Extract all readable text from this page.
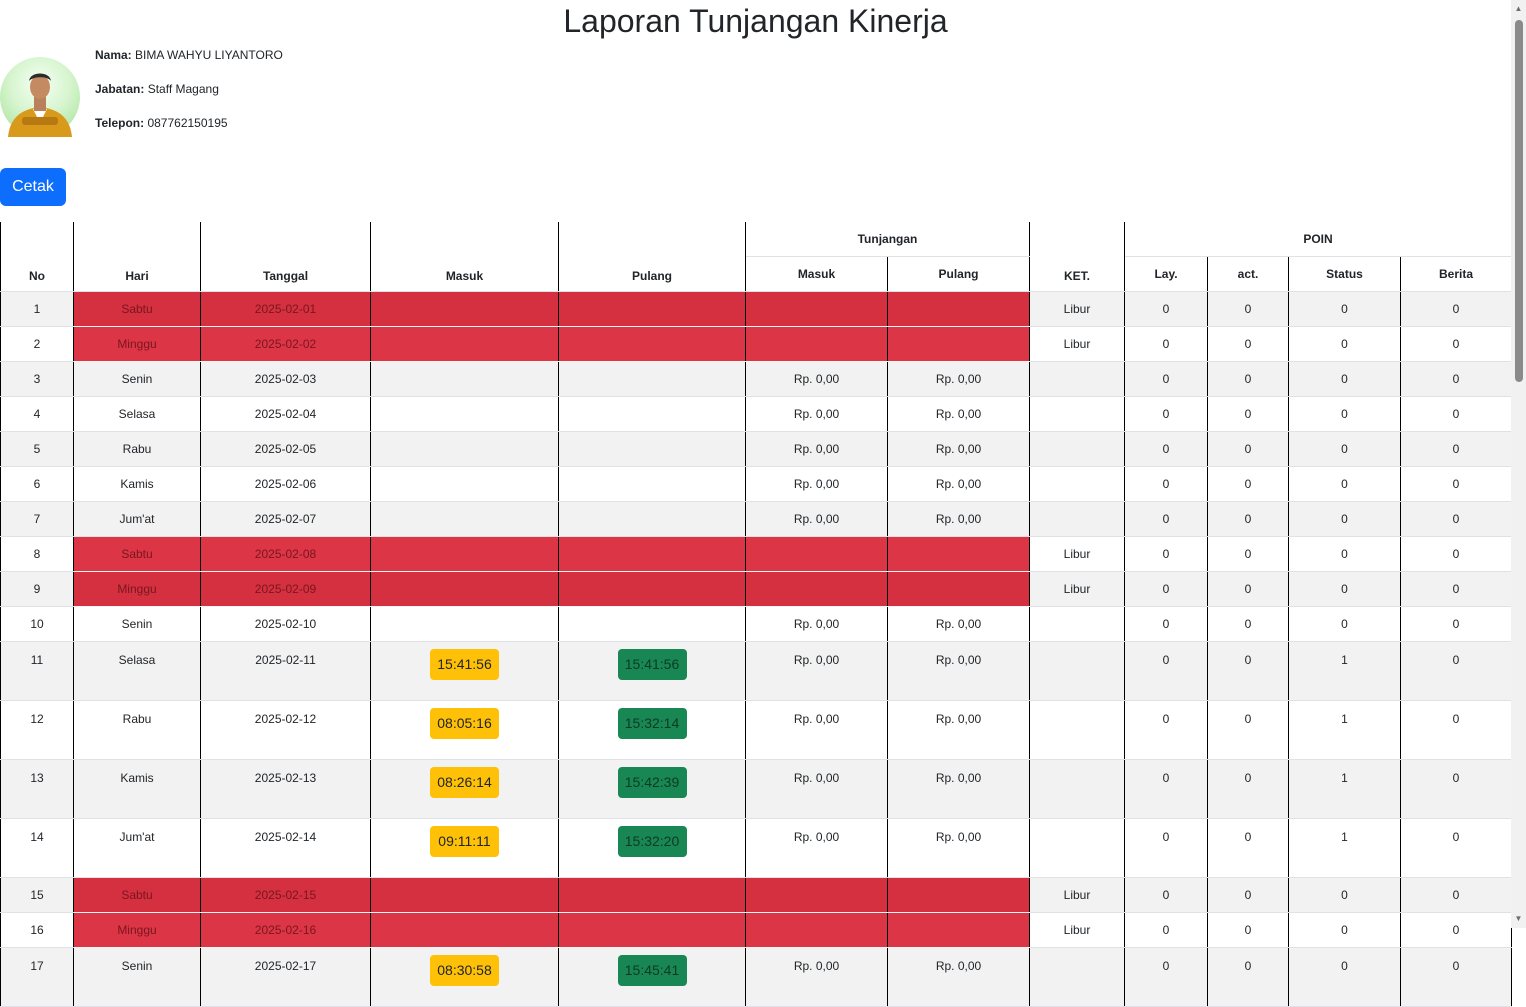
Laporan Tunjangan Kinerja

Nama: BIMA WAHYU LIYANTORO

Jabatan: Staff Magang

Telepon: 087762150195

Cetak
No	Hari	Tanggal	Masuk	Pulang	Tunjangan		KET.	POIN			
					Masuk	Pulang		Lay.	act.	Status	Berita
1	Sabtu	2025-02-01					Libur	0	0	0	0
2	Minggu	2025-02-02					Libur	0	0	0	0
3	Senin	2025-02-03			Rp. 0,00	Rp. 0,00		0	0	0	0
4	Selasa	2025-02-04			Rp. 0,00	Rp. 0,00		0	0	0	0
5	Rabu	2025-02-05			Rp. 0,00	Rp. 0,00		0	0	0	0
6	Kamis	2025-02-06			Rp. 0,00	Rp. 0,00		0	0	0	0
7	Jum'at	2025-02-07			Rp. 0,00	Rp. 0,00		0	0	0	0
8	Sabtu	2025-02-08					Libur	0	0	0	0
9	Minggu	2025-02-09					Libur	0	0	0	0
10	Senin	2025-02-10			Rp. 0,00	Rp. 0,00		0	0	0	0
11	Selasa	2025-02-11	15:41:56	15:41:56	Rp. 0,00	Rp. 0,00		0	0	1	0
12	Rabu	2025-02-12	08:05:16	15:32:14	Rp. 0,00	Rp. 0,00		0	0	1	0
13	Kamis	2025-02-13	08:26:14	15:42:39	Rp. 0,00	Rp. 0,00		0	0	1	0
14	Jum'at	2025-02-14	09:11:11	15:32:20	Rp. 0,00	Rp. 0,00		0	0	1	0
15	Sabtu	2025-02-15					Libur	0	0	0	0
16	Minggu	2025-02-16					Libur	0	0	0	0
17	Senin	2025-02-17	08:30:58	15:45:41	Rp. 0,00	Rp. 0,00		0	0	0	0
▲
▼
